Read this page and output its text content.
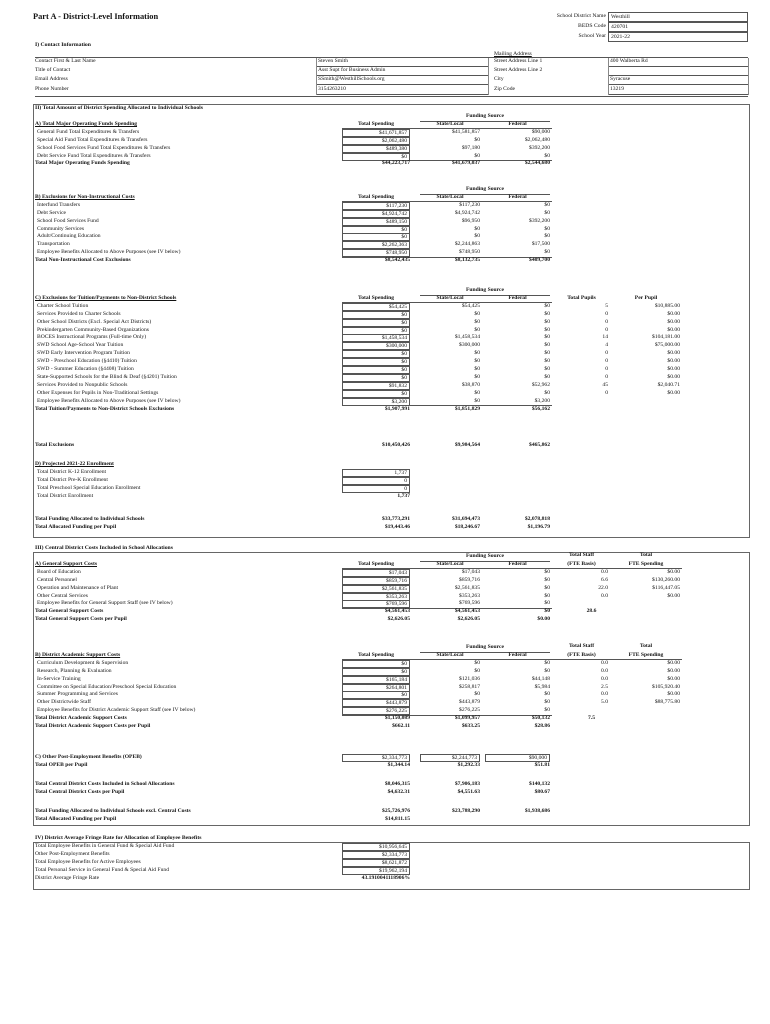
Part A - District-Level Information	School District Name Westhill
BEDS Code 420701
School Year 2021-22
I) Contact Information
Mailing Address
Contact First & Last Name	Steven Smith	Street Address Line 1	400 Walberta Rd
Title of Contact	Asst Supt for Business Admin	Street Address Line 2
Email Address	SSmith@WesthillSchools.org	City	Syracuse
Phone Number	3154263210	Zip Code	13219
II) Total Amount of District Spending Allocated to Individual Schools
Funding Source
Total Spending	State/Local	Federal
A) Total Major Operating Funds Spending
General Fund Total Expenditures & Transfers	$41,671,857	$41,581,857	$90,000
Special Aid Fund Total Expenditures & Transfers	$2,062,480	$0	$2,062,480
School Food Services Fund Total Expenditures & Transfers	$489,380	$97,180	$392,200
Debt Service Fund Total Expenditures & Transfers	$0	$0	$0
Total Major Operating Funds Spending	$44,223,717	$41,679,037	$2,544,680
Funding Source
Total Spending	State/Local	Federal
B) Exclusions for Non-Instructional Costs
Interfund Transfers	$117,230	$117,230	$0
Debt Service	$4,924,742	$4,924,742	$0
School Food Services Fund	$489,150	$96,950	$392,200
Community Services	$0	$0	$0
Adult/Continuing Education	$0	$0	$0
Transportation	$2,262,363	$2,244,863	$17,500
Employee Benefits Allocated to Above Purposes (see IV below)	$748,950	$748,950	$0
Total Non-Instructional Cost Exclusions	$8,542,435	$8,132,735	$409,700
Funding Source
Total Spending	State/Local	Federal	Total Pupils	Per Pupil
C) Exclusions for Tuition/Payments to Non-District Schools
Charter School Tuition	$54,425	$54,425	$0	5	$10,885.00
Services Provided to Charter Schools	$0	$0	$0	0	$0.00
Other School Districts (Excl. Special Act Districts)	$0	$0	$0	0	$0.00
Prekindergarten Community-Based Organizations	$0	$0	$0	0	$0.00
BOCES Instructional Programs (Full-time Only)	$1,458,534	$1,458,534	$0	14	$104,181.00
SWD School Age-School Year Tuition	$300,000	$300,000	$0	4	$75,000.00
SWD Early Intervention Program Tuition	$0	$0	$0	0	$0.00
SWD - Preschool Education (§4410) Tuition	$0	$0	$0	0	$0.00
SWD - Summer Education (§4408) Tuition	$0	$0	$0	0	$0.00
State-Supported Schools for the Blind & Deaf (§4201) Tuition	$0	$0	$0	0	$0.00
Services Provided to Nonpublic Schools	$91,832	$38,870	$52,962	45	$2,040.71
Other Expenses for Pupils in Non-Traditional Settings	$0	$0	$0	0	$0.00
Employee Benefits Allocated to Above Purposes (see IV below)	$3,200	$0	$3,200
Total Tuition/Payments to Non-District Schools Exclusions	$1,907,991	$1,851,829	$56,162
Total Exclusions	$10,450,426	$9,984,564	$465,862
D) Projected 2021-22 Enrollment
Total District K-12 Enrollment	1,737
Total District Pre-K Enrollment	0
Total Preschool Special Education Enrollment	0
Total District Enrollment	1,737
Total Funding Allocated to Individual Schools	$33,773,291	$31,694,473	$2,078,818
Total Allocated Funding per Pupil	$19,443.46	$18,246.67	$1,196.79
III) Central District Costs Included in School Allocations
Funding Source	Total Staff	Total
Total Spending	State/Local	Federal	(FTE Basis)	FTE Spending
A) General Support Costs
Board of Education	$17,043	$17,043	$0	0.0	$0.00
Central Personnel	$859,716	$859,716	$0	6.6	$130,260.00
Operation and Maintenance of Plant	$2,561,835	$2,561,835	$0	22.0	$116,447.05
Other Central Services	$353,263	$353,263	$0	0.0	$0.00
Employee Benefits for General Support Staff (see IV below)	$769,596	$769,596	$0
Total General Support Costs	$4,561,453	$4,561,453	$0	28.6
Total General Support Costs per Pupil	$2,626.05	$2,626.05	$0.00
Funding Source	Total Staff	Total
Total Spending	State/Local	Federal	(FTE Basis)	FTE Spending
B) District Academic Support Costs
Curriculum Development & Supervision	$0	$0	$0	0.0	$0.00
Research, Planning & Evaluation	$0	$0	$0	0.0	$0.00
In-Service Training	$165,184	$121,036	$44,148	0.0	$0.00
Committee on Special Education/Preschool Special Education	$264,801	$258,817	$5,984	2.5	$105,920.40
Summer Programming and Services	$0	$0	$0	0.0	$0.00
Other Districtwide Staff	$443,879	$443,879	$0	5.0	$88,775.80
Employee Benefits for District Academic Support Staff (see IV below)	$276,225	$276,225	$0
Total District Academic Support Costs	$1,150,089	$1,099,957	$50,132	7.5
Total District Academic Support Costs per Pupil	$662.11	$633.25	$28.86
C) Other Post-Employment Benefits (OPEB)	$2,334,773	$2,244,773	$90,000
Total OPEB per Pupil	$1,344.14	$1,292.33	$51.81
Total Central District Costs Included in School Allocations	$8,046,315	$7,906,183	$140,132
Total Central District Costs per Pupil	$4,632.31	$4,551.63	$80.67
Total Funding Allocated to Individual Schools excl. Central Costs	$25,726,976	$23,788,290	$1,938,686
Total Allocated Funding per Pupil	$14,811.15
IV) District Average Fringe Rate for Allocation of Employee Benefits
Total Employee Benefits in General Fund & Special Aid Fund	$10,956,645
Other Post-Employment Benefits	$2,334,773
Total Employee Benefits for Active Employees	$8,621,872
Total Personal Service in General Fund & Special Aid Fund	$19,962,194
District Average Fringe Rate	43.1910041118906%
